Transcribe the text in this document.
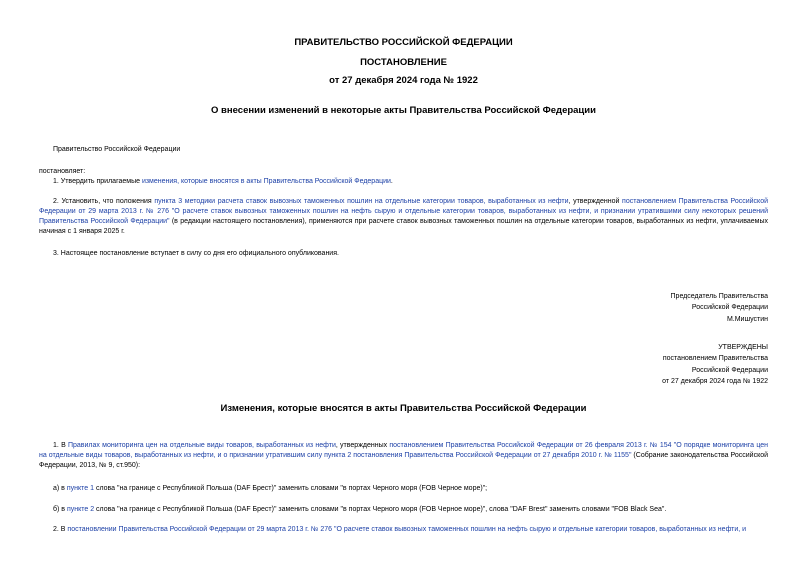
ПРАВИТЕЛЬСТВО РОССИЙСКОЙ ФЕДЕРАЦИИ
ПОСТАНОВЛЕНИЕ
от 27 декабря 2024 года № 1922
О внесении изменений в некоторые акты Правительства Российской Федерации
Правительство Российской Федерации
постановляет:
1. Утвердить прилагаемые изменения, которые вносятся в акты Правительства Российской Федерации.
2. Установить, что положения пункта 3 методики расчета ставок вывозных таможенных пошлин на отдельные категории товаров, выработанных из нефти, утвержденной постановлением Правительства Российской Федерации от 29 марта 2013 г. № 276 "О расчете ставок вывозных таможенных пошлин на нефть сырую и отдельные категории товаров, выработанных из нефти, и признании утратившими силу некоторых решений Правительства Российской Федерации" (в редакции настоящего постановления), применяются при расчете ставок вывозных таможенных пошлин на отдельные категории товаров, выработанных из нефти, уплачиваемых начиная с 1 января 2025 г.
3. Настоящее постановление вступает в силу со дня его официального опубликования.
Председатель Правительства
Российской Федерации
М.Мишустин
УТВЕРЖДЕНЫ
постановлением Правительства
Российской Федерации
от 27 декабря 2024 года № 1922
Изменения, которые вносятся в акты Правительства Российской Федерации
1. В Правилах мониторинга цен на отдельные виды товаров, выработанных из нефти, утвержденных постановлением Правительства Российской Федерации от 26 февраля 2013 г. № 154 "О порядке мониторинга цен на отдельные виды товаров, выработанных из нефти, и о признании утратившим силу пункта 2 постановления Правительства Российской Федерации от 27 декабря 2010 г. № 1155" (Собрание законодательства Российской Федерации, 2013, № 9, ст.950):
а) в пункте 1 слова "на границе с Республикой Польша (DAF Брест)" заменить словами "в портах Черного моря (FOB Черное море)";
б) в пункте 2 слова "на границе с Республикой Польша (DAF Брест)" заменить словами "в портах Черного моря (FOB Черное море)", слова "DAF Brest" заменить словами "FOB Black Sea".
2. В постановлении Правительства Российской Федерации от 29 марта 2013 г. № 276 "О расчете ставок вывозных таможенных пошлин на нефть сырую и отдельные категории товаров, выработанных из нефти, и
